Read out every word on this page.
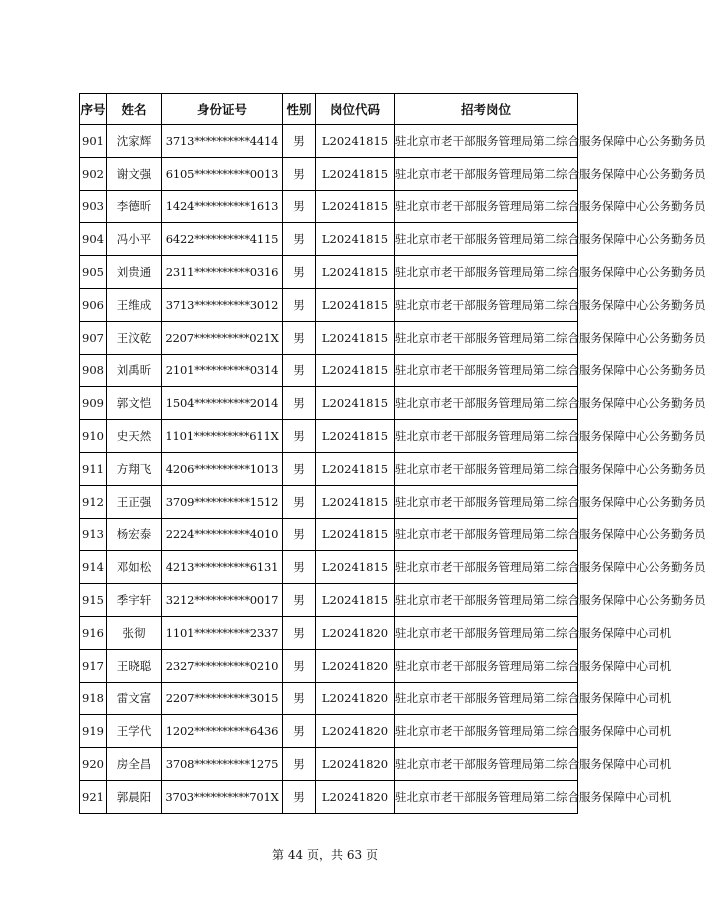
序号	姓名	身份证号	性别	岗位代码	招考岗位
901	沈家辉	3713**********4414	男	L20241815	驻北京市老干部服务管理局第二综合服务保障中心公务勤务员
902	谢文强	6105**********0013	男	L20241815	驻北京市老干部服务管理局第二综合服务保障中心公务勤务员
903	李德昕	1424**********1613	男	L20241815	驻北京市老干部服务管理局第二综合服务保障中心公务勤务员
904	冯小平	6422**********4115	男	L20241815	驻北京市老干部服务管理局第二综合服务保障中心公务勤务员
905	刘贵通	2311**********0316	男	L20241815	驻北京市老干部服务管理局第二综合服务保障中心公务勤务员
906	王维成	3713**********3012	男	L20241815	驻北京市老干部服务管理局第二综合服务保障中心公务勤务员
907	王汶乾	2207**********021X	男	L20241815	驻北京市老干部服务管理局第二综合服务保障中心公务勤务员
908	刘禹昕	2101**********0314	男	L20241815	驻北京市老干部服务管理局第二综合服务保障中心公务勤务员
909	郭文恺	1504**********2014	男	L20241815	驻北京市老干部服务管理局第二综合服务保障中心公务勤务员
910	史天然	1101**********611X	男	L20241815	驻北京市老干部服务管理局第二综合服务保障中心公务勤务员
911	方翔飞	4206**********1013	男	L20241815	驻北京市老干部服务管理局第二综合服务保障中心公务勤务员
912	王正强	3709**********1512	男	L20241815	驻北京市老干部服务管理局第二综合服务保障中心公务勤务员
913	杨宏泰	2224**********4010	男	L20241815	驻北京市老干部服务管理局第二综合服务保障中心公务勤务员
914	邓如松	4213**********6131	男	L20241815	驻北京市老干部服务管理局第二综合服务保障中心公务勤务员
915	季宇轩	3212**********0017	男	L20241815	驻北京市老干部服务管理局第二综合服务保障中心公务勤务员
916	张彻	1101**********2337	男	L20241820	驻北京市老干部服务管理局第二综合服务保障中心司机
917	王晓聪	2327**********0210	男	L20241820	驻北京市老干部服务管理局第二综合服务保障中心司机
918	雷文富	2207**********3015	男	L20241820	驻北京市老干部服务管理局第二综合服务保障中心司机
919	王学代	1202**********6436	男	L20241820	驻北京市老干部服务管理局第二综合服务保障中心司机
920	房全昌	3708**********1275	男	L20241820	驻北京市老干部服务管理局第二综合服务保障中心司机
921	郭晨阳	3703**********701X	男	L20241820	驻北京市老干部服务管理局第二综合服务保障中心司机
第 44 页，共 63 页
